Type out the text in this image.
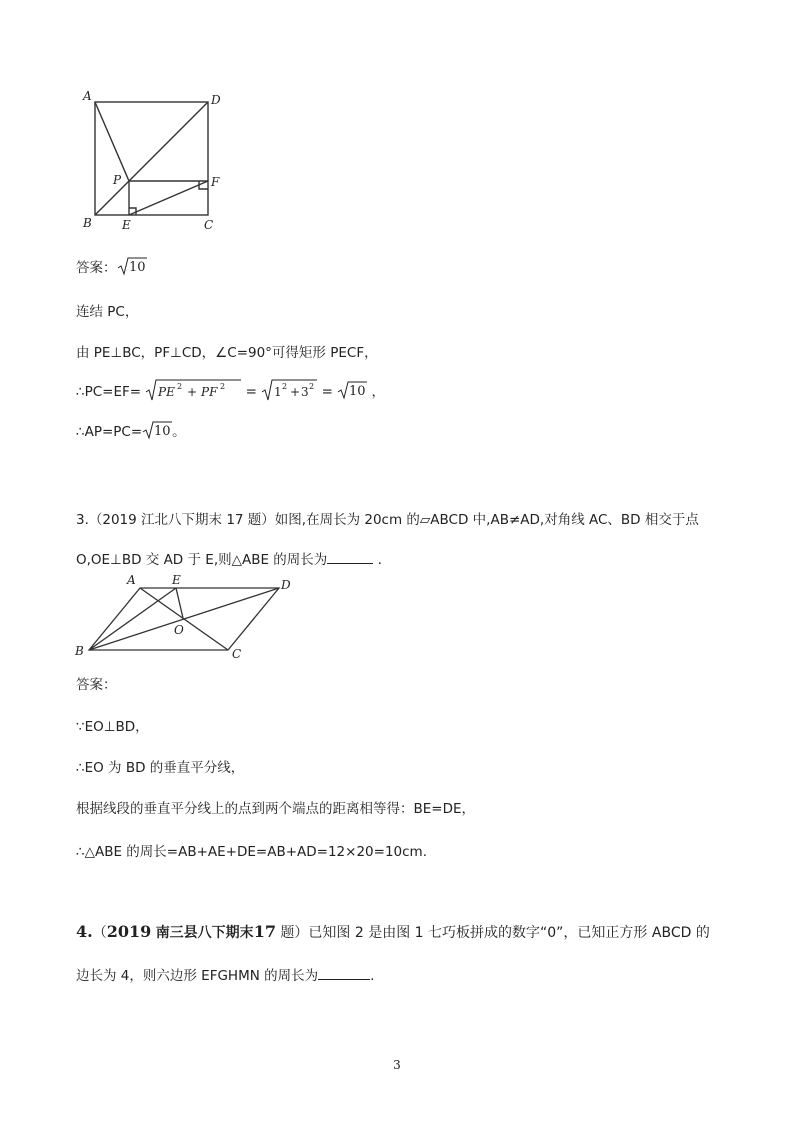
A	D
P	F
B	E	C
答案： 10
连结 PC，
由 PE⊥BC，PF⊥CD，∠C=90°可得矩形 PECF，
∴PC=EF= PE 2 + PF 2 = 1 2 + 3 2 = 10 ，
∴AP=PC= 10 。
3.（2019 江北八下期末 17 题）如图,在周长为 20cm 的▱ABCD 中,AB≠AD,对角线 AC、BD 相交于点
O,OE⊥BD 交 AD 于 E,则△ABE 的周长为	.
A	E	D
O
B	C
答案：
∵EO⊥BD，
∴EO 为 BD 的垂直平分线，
根据线段的垂直平分线上的点到两个端点的距离相等得：BE=DE，
∴△ABE 的周长=AB+AE+DE=AB+AD=12×20=10cm.
4.（2019 南三县八下期末17 题）已知图 2 是由图 1 七巧板拼成的数字“0”，已知正方形 ABCD 的
边长为 4，则六边形 EFGHMN 的周长为	.
3
